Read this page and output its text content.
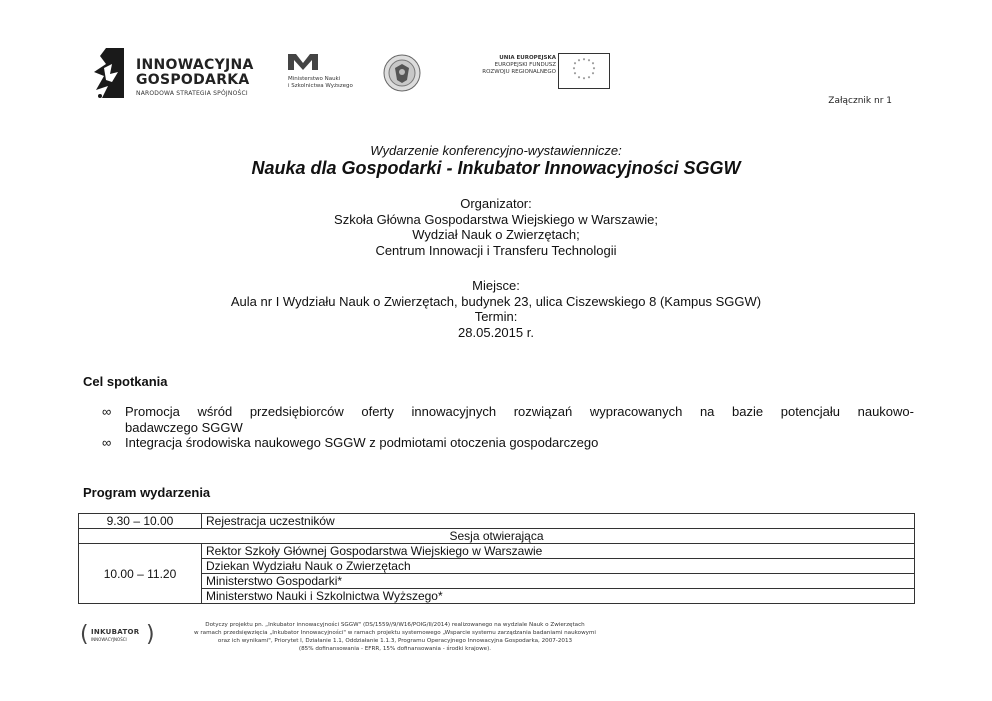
INNOWACYJNA
GOSPODARKA
NARODOWA STRATEGIA SPÓJNOŚCI
Ministerstwo Nauki
i Szkolnictwa Wyższego
UNIA EUROPEJSKA
EUROPEJSKI FUNDUSZ
ROZWOJU REGIONALNEGO
* * *
*
*
*
*
*
*
*
* *
Załącznik nr 1
Wydarzenie konferencyjno-wystawiennicze:
Nauka dla Gospodarki - Inkubator Innowacyjności SGGW
Organizator:
Szkoła Główna Gospodarstwa Wiejskiego w Warszawie;
Wydział Nauk o Zwierzętach;
Centrum Innowacji i Transferu Technologii
Miejsce:
Aula nr I Wydziału Nauk o Zwierzętach, budynek 23, ulica Ciszewskiego 8 (Kampus SGGW)
Termin:
28.05.2015 r.
Cel spotkania
∞ Promocja wśród przedsiębiorców oferty innowacyjnych rozwiązań wypracowanych na bazie potencjału naukowo-
badawczego SGGW
∞ Integracja środowiska naukowego SGGW z podmiotami otoczenia gospodarczego
Program wydarzenia
9.30 – 10.00	Rejestracja uczestników
Sesja otwierająca	
10.00 – 11.20	Rektor Szkoły Głównej Gospodarstwa Wiejskiego w Warszawie
	Dziekan Wydziału Nauk o Zwierzętach
	Ministerstwo Gospodarki*
	Ministerstwo Nauki i Szkolnictwa Wyższego*
( INKUBATOR
INNOWACYJNOŚCI )	Dotyczy projektu pn. „Inkubator innowacyjności SGGW" (DS/1559//9/W16/POIG/II/2014) realizowanego na wydziale Nauk o Zwierzętach
w ramach przedsięwzięcia „Inkubator Innowacyjności" w ramach projektu systemowego „Wsparcie systemu zarządzania badaniami naukowymi
oraz ich wynikami", Priorytet I, Działanie 1.1, Oddziałanie 1.1.3, Programu Operacyjnego Innowacyjna Gospodarka, 2007-2013
(85% dofinansowania - EFRR, 15% dofinansowania - środki krajowe).
